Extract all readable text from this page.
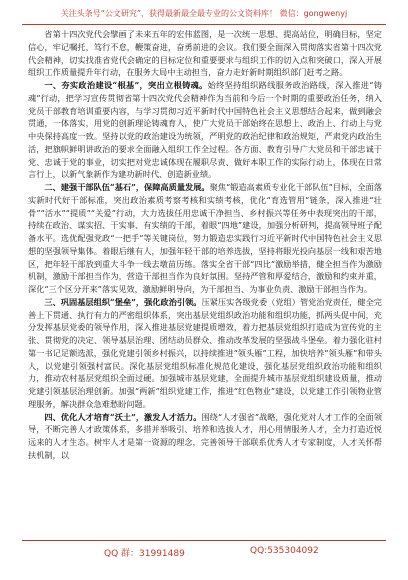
关注头条号“公文研究”，获得最新最全最专业的公文资料库！ 微信：gongwenyj

省第十四次党代会擘画了未来五年的宏伟蓝图，是一次统一思想、提高站位，明确目标，坚定信心，牢记嘱托，笃行不怠，鞭策奋进，奋勇前进的会议。我们要全面深入贯彻落实省第十四次党代会精神，切实找准省党代会确定的目标定位和重要要求与组织工作的切入点和突破口，深入开展组织工作质量提升年行动，在服务大局中主动担当，奋力走好新时期组织部门赶考之路。

一、夯实政治建设“根基”，突出立根铸魂。始终坚持组织路线服务政治路线，深入推进“铸魂”行动，把学习宣传贯彻省第十四次党代会精神作为当前和今后一个时期的重要政治任务，纳入党员干部教育培训重要内容，与学习贯彻习近平新时代中国特色社会主义思想结合起来，做到融会贯通，一体落实，用党的创新理论铸魂育人，使广大党员干部始终在思想上、政治上、行动上与党中央保持高度一致。坚持以党的政治建设为统领，严明党的政治纪律和政治规矩，严肃党内政治生活，把旗帜鲜明讲政治的要求全面融入组织工作全过程。各方面、教育引导广大党员和干部忠诚于党、忠诚于党的事业，切实把对党忠诚体现在履职尽责、做好本职工作的实际行动上，体现在日常言行上，以新气象新作为建功新时代、创造新业绩。

二、建强干部队伍“基石”，保障高质量发展。聚焦“锻造高素质专业化干部队伍”目标，全面落实新时代好干部标准，突出政治素质考察考核和实绩考核，优化“育选管用”链条，深入推进“壮骨”“活水”“提质”“关爱”行动，大力选拔任用忠诚干净担当、乡村振兴等任务中表现突出的干部，持续在政治、谋实招、干实事、有实绩的干部，着眼“四地”建设，加强分析研判，提高领导班子配备水平。选优配强党政“一把手”等关键岗位，努力锻造忠实践行习近平新时代中国特色社会主义思想的坚强领导集体。着眼后继有人，加强年轻干部的培养选拔，坚持将眼光投向基层一线和艰苦地区，把年轻干部放到重大斗争一线去墩苗历练。落实全省干部“四比”激励举措，健全担当作为激励机制，激励干部担当作为，营造干部担当作为良好氛围。坚持严管和厚爱结合，激励和约束并重，深化“三个区分开来”落实见效，激励鲜明导向，为干部担当、为事业负责、激励干部担当作为。

三、巩固基层组织“堡垒”，强化政治引领。压紧压实各级党委（党组）管党治党责任，健全完善上下贯通、执行有力的严密组织体系，突出基层党组织政治功能和组织功能，抓两头促中间，充分发挥基层党委的领导作用，深入推进基层党建提质增效，着力把基层党组织打造成为宣传党的主张、贯彻党的决定、领导基层治理、团结动员群众、推动改革发展的坚强战斗堡垒。着力强化驻村第一书记足额选派，强化党建引领乡村振兴，以持续推进“领头雁”工程，加快培养“领头雁”和带头人，以党建引领强村富民。深化基层党组织标准化规范化建设，强化基层党组织政治功能和组织力，推动农村基层党组织全面过硬。加强城市基层党建，全面提升城市基层党组织建设质量，推动党建引领基层治理创新。加强“两新”组织党建工作，推进“红色物业”建设，以党建工作引领物业管理服务，解决群众急难愁盼问题。

四、优化人才培育“沃土”，激发人才活力。围绕“人才强省”战略，强化党对人才工作的全面领导，不断完善人才政策体系，多措并举吸引、培养和选拔人才，用心用情服务人才，全力打造近悦远来的人才生态。树牢人才是第一资源的理念，完善领导干部联系优秀人才专家制度，人才关怀帮扶机制，以

QQ 群：31991489	QQ:535304092
